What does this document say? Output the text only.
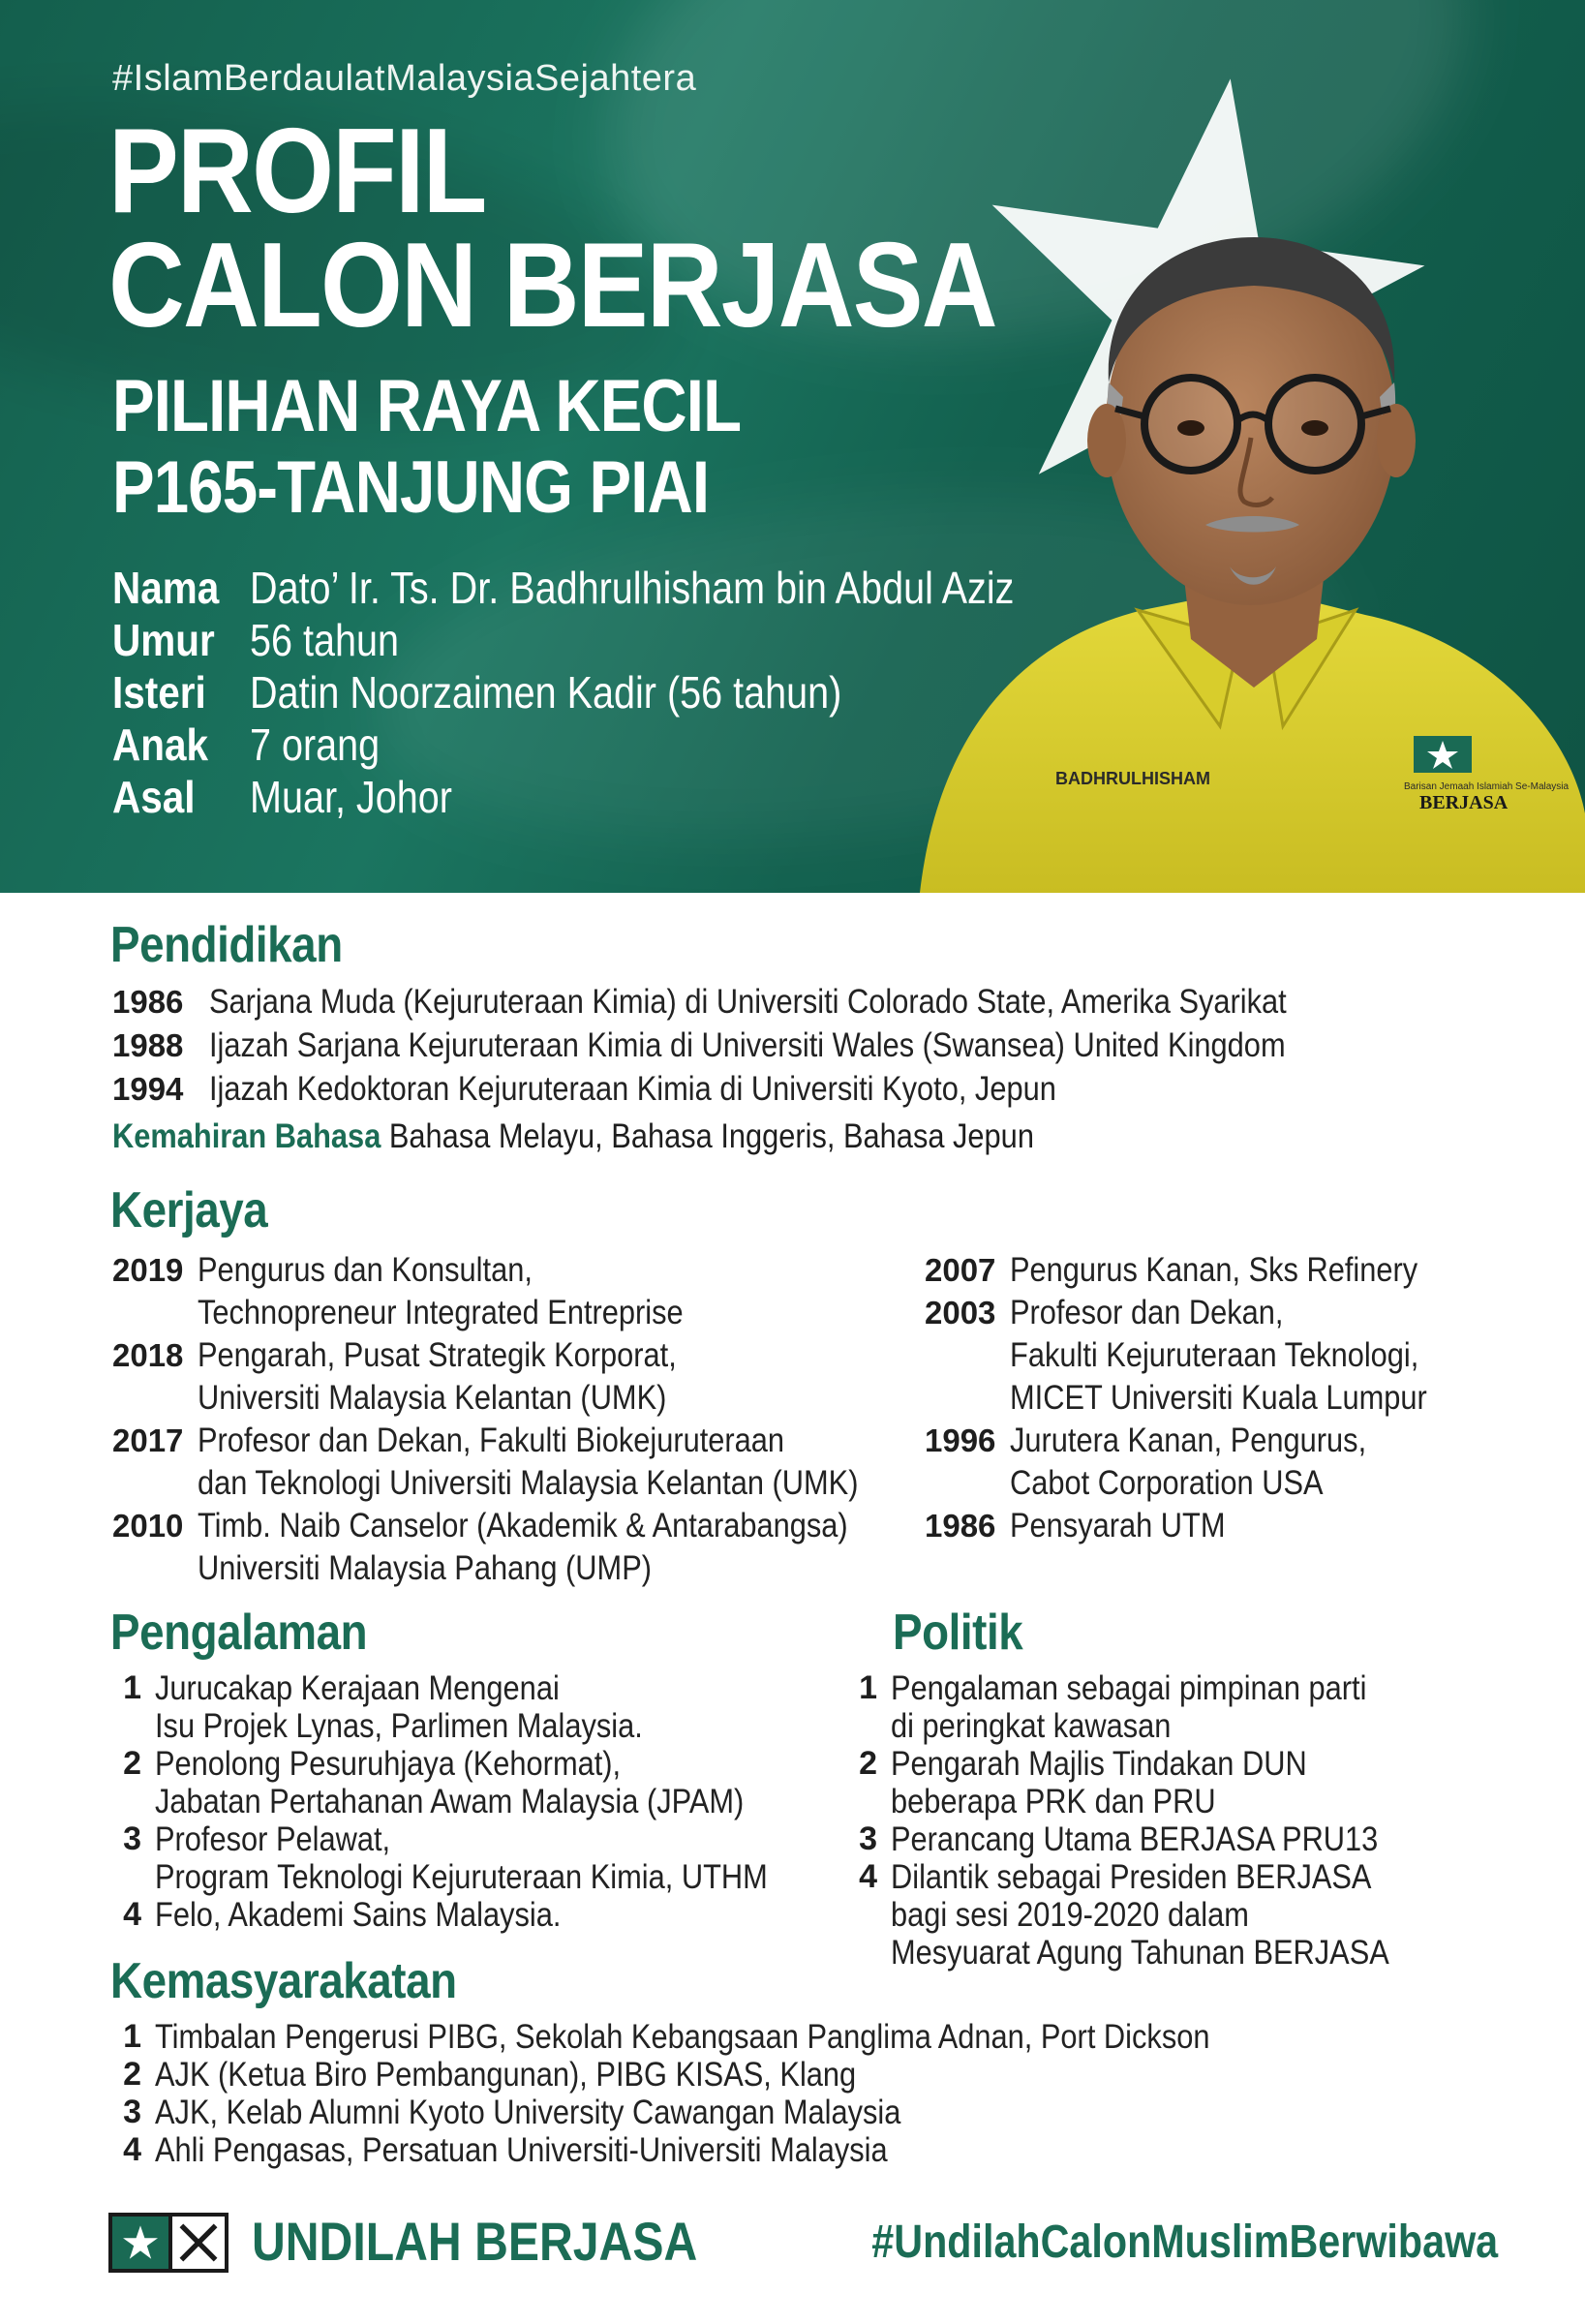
#IslamBerdaulatMalaysiaSejahtera
PROFIL
CALON BERJASA
PILIHAN RAYA KECIL
P165-TANJUNG PIAI
Nama Dato’ Ir. Ts. Dr. Badhrulhisham bin Abdul Aziz
Umur 56 tahun
Isteri Datin Noorzaimen Kadir (56 tahun)
Anak 7 orang
Asal	Muar, Johor	BADHRULHISHAM	Barisan Jemaah Islamiah Se-Malaysia
BERJASA
Pendidikan
1986 Sarjana Muda (Kejuruteraan Kimia) di Universiti Colorado State, Amerika Syarikat
1988 Ijazah Sarjana Kejuruteraan Kimia di Universiti Wales (Swansea) United Kingdom
1994 Ijazah Kedoktoran Kejuruteraan Kimia di Universiti Kyoto, Jepun
Kemahiran Bahasa Bahasa Melayu, Bahasa Inggeris, Bahasa Jepun
Kerjaya
2019 Pengurus dan Konsultan,
Technopreneur Integrated Entreprise
2018 Pengarah, Pusat Strategik Korporat,
Universiti Malaysia Kelantan (UMK)
2017 Profesor dan Dekan, Fakulti Biokejuruteraan
dan Teknologi Universiti Malaysia Kelantan (UMK)
2010 Timb. Naib Canselor (Akademik & Antarabangsa)
Universiti Malaysia Pahang (UMP)
2007 Pengurus Kanan, Sks Refinery
2003 Profesor dan Dekan,
Fakulti Kejuruteraan Teknologi,
MICET Universiti Kuala Lumpur
1996 Jurutera Kanan, Pengurus,
Cabot Corporation USA
1986 Pensyarah UTM
Pengalaman
1 Jurucakap Kerajaan Mengenai
Isu Projek Lynas, Parlimen Malaysia.
2 Penolong Pesuruhjaya (Kehormat),
Jabatan Pertahanan Awam Malaysia (JPAM)
3 Profesor Pelawat,
Program Teknologi Kejuruteraan Kimia, UTHM
4 Felo, Akademi Sains Malaysia.
Politik
1 Pengalaman sebagai pimpinan parti
di peringkat kawasan
2 Pengarah Majlis Tindakan DUN
beberapa PRK dan PRU
3 Perancang Utama BERJASA PRU13
4 Dilantik sebagai Presiden BERJASA
bagi sesi 2019-2020 dalam
Mesyuarat Agung Tahunan BERJASA
Kemasyarakatan
1 Timbalan Pengerusi PIBG, Sekolah Kebangsaan Panglima Adnan, Port Dickson
2 AJK (Ketua Biro Pembangunan), PIBG KISAS, Klang
3 AJK, Kelab Alumni Kyoto University Cawangan Malaysia
4 Ahli Pengasas, Persatuan Universiti-Universiti Malaysia
UNDILAH BERJASA	#UndilahCalonMuslimBerwibawa
